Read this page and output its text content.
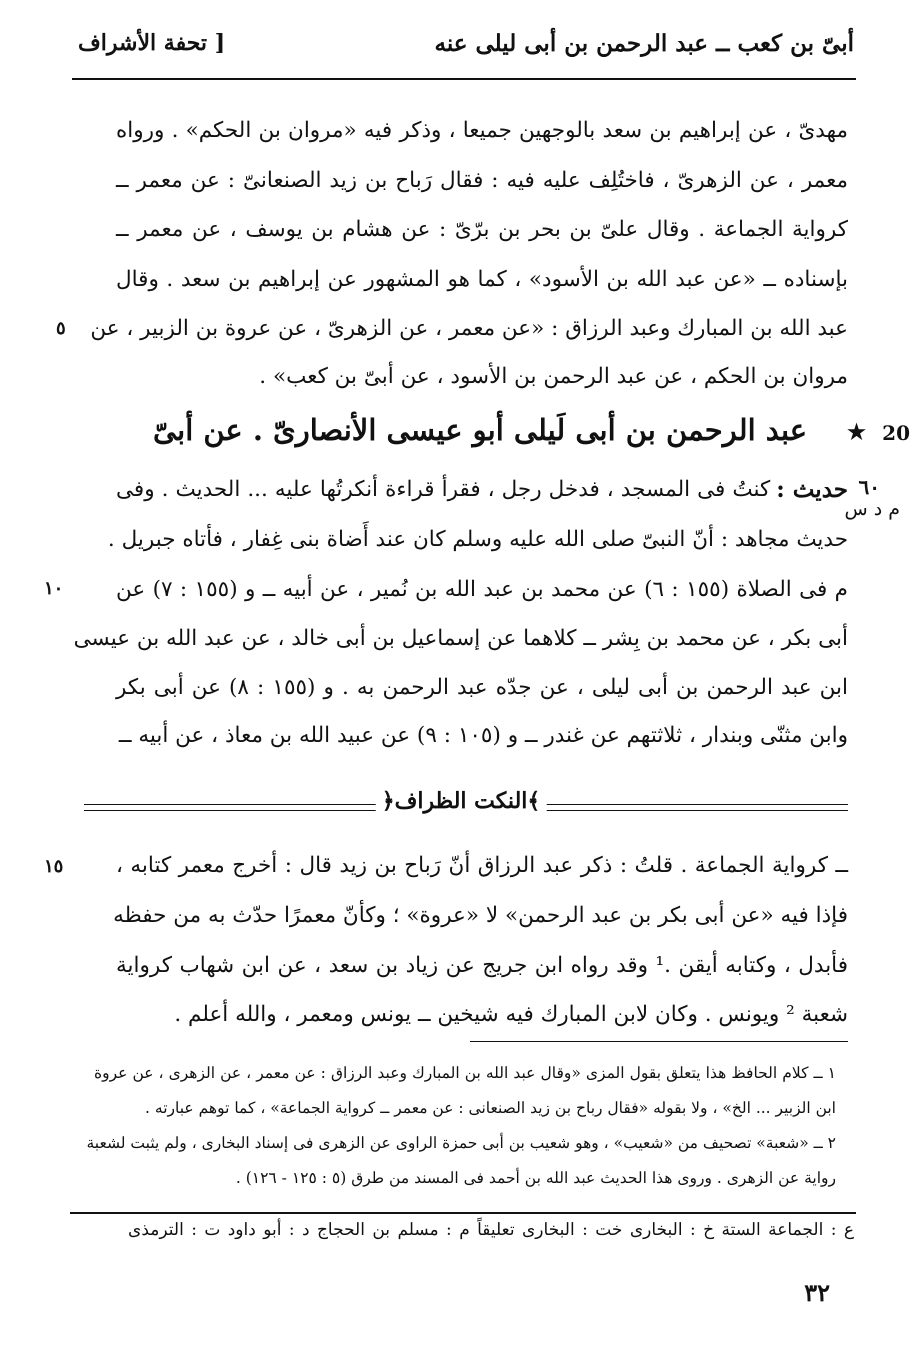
أبىّ بن كعب ــ عبد الرحمن بن أبى ليلى عنه
[ تحفة الأشراف
مهدىّ ، عن إبراهيم بن سعد بالوجهين جميعا ، وذكر فيه «مروان بن الحكم» . ورواه
معمر ، عن الزهرىّ ، فاختُلِف عليه فيه : فقال رَباح بن زيد الصنعانىّ : عن معمر ــ
كرواية الجماعة . وقال علىّ بن بحر بن برّىّ : عن هشام بن يوسف ، عن معمر ــ
بإسناده ــ «عن عبد الله بن الأسود» ، كما هو المشهور عن إبراهيم بن سعد . وقال
عبد الله بن المبارك وعبد الرزاق : «عن معمر ، عن الزهرىّ ، عن عروة بن الزبير ، عن
مروان بن الحكم ، عن عبد الرحمن بن الأسود ، عن أبىّ بن كعب» .
٥
★ 20
عبد الرحمن بن أبى لَيلى أبو عيسى الأنصارىّ . عن أبىّ
٦٠
م د س
حديث :
كنتُ فى المسجد ، فدخل رجل ، فقرأ قراءة أنكرتُها عليه ... الحديث . وفى
حديث مجاهد : أنّ النبىّ صلى الله عليه وسلم كان عند أَضاة بنى غِفار ، فأتاه جبريل .
م فى الصلاة (١٥٥ : ٦) عن محمد بن عبد الله بن نُمير ، عن أبيه ــ و (١٥٥ : ٧) عن
أبى بكر ، عن محمد بن بِشر ــ كلاهما عن إسماعيل بن أبى خالد ، عن عبد الله بن عيسى
ابن عبد الرحمن بن أبى ليلى ، عن جدّه عبد الرحمن به . و (١٥٥ : ٨) عن أبى بكر
وابن مثنّى وبندار ، ثلاثتهم عن غندر ــ و (١٠٥ : ٩) عن عبيد الله بن معاذ ، عن أبيه ــ
١٠
﴿النكت الظراف﴾
ــ كرواية الجماعة . قلتُ : ذكر عبد الرزاق أنّ رَباح بن زيد قال : أخرج معمر كتابه ،
فإذا فيه «عن أبى بكر بن عبد الرحمن» لا «عروة» ؛ وكأنّ معمرًا حدّث به من حفظه
فأبدل ، وكتابه أيقن .¹ وقد رواه ابن جريج عن زياد بن سعد ، عن ابن شهاب كرواية
شعبة ² ويونس . وكان لابن المبارك فيه شيخين ــ يونس ومعمر ، والله أعلم .
١٥
١ ــ كلام الحافظ هذا يتعلق بقول المزى «وقال عبد الله بن المبارك وعبد الرزاق : عن معمر ، عن الزهرى ، عن عروة
ابن الزبير ... الخ» ، ولا بقوله «فقال رباح بن زيد الصنعانى : عن معمر ــ كرواية الجماعة» ، كما توهم عبارته .
٢ ــ «شعبة» تصحيف من «شعيب» ، وهو شعيب بن أبى حمزة الراوى عن الزهرى فى إسناد البخارى ، ولم يثبت لشعبة
رواية عن الزهرى . وروى هذا الحديث عبد الله بن أحمد فى المسند من طرق (٥ : ١٢٥ - ١٢٦) .
ع : الجماعة الستة خ : البخارى خت : البخارى تعليقاً م : مسلم بن الحجاج د : أبو داود ت : الترمذى
٣٢
